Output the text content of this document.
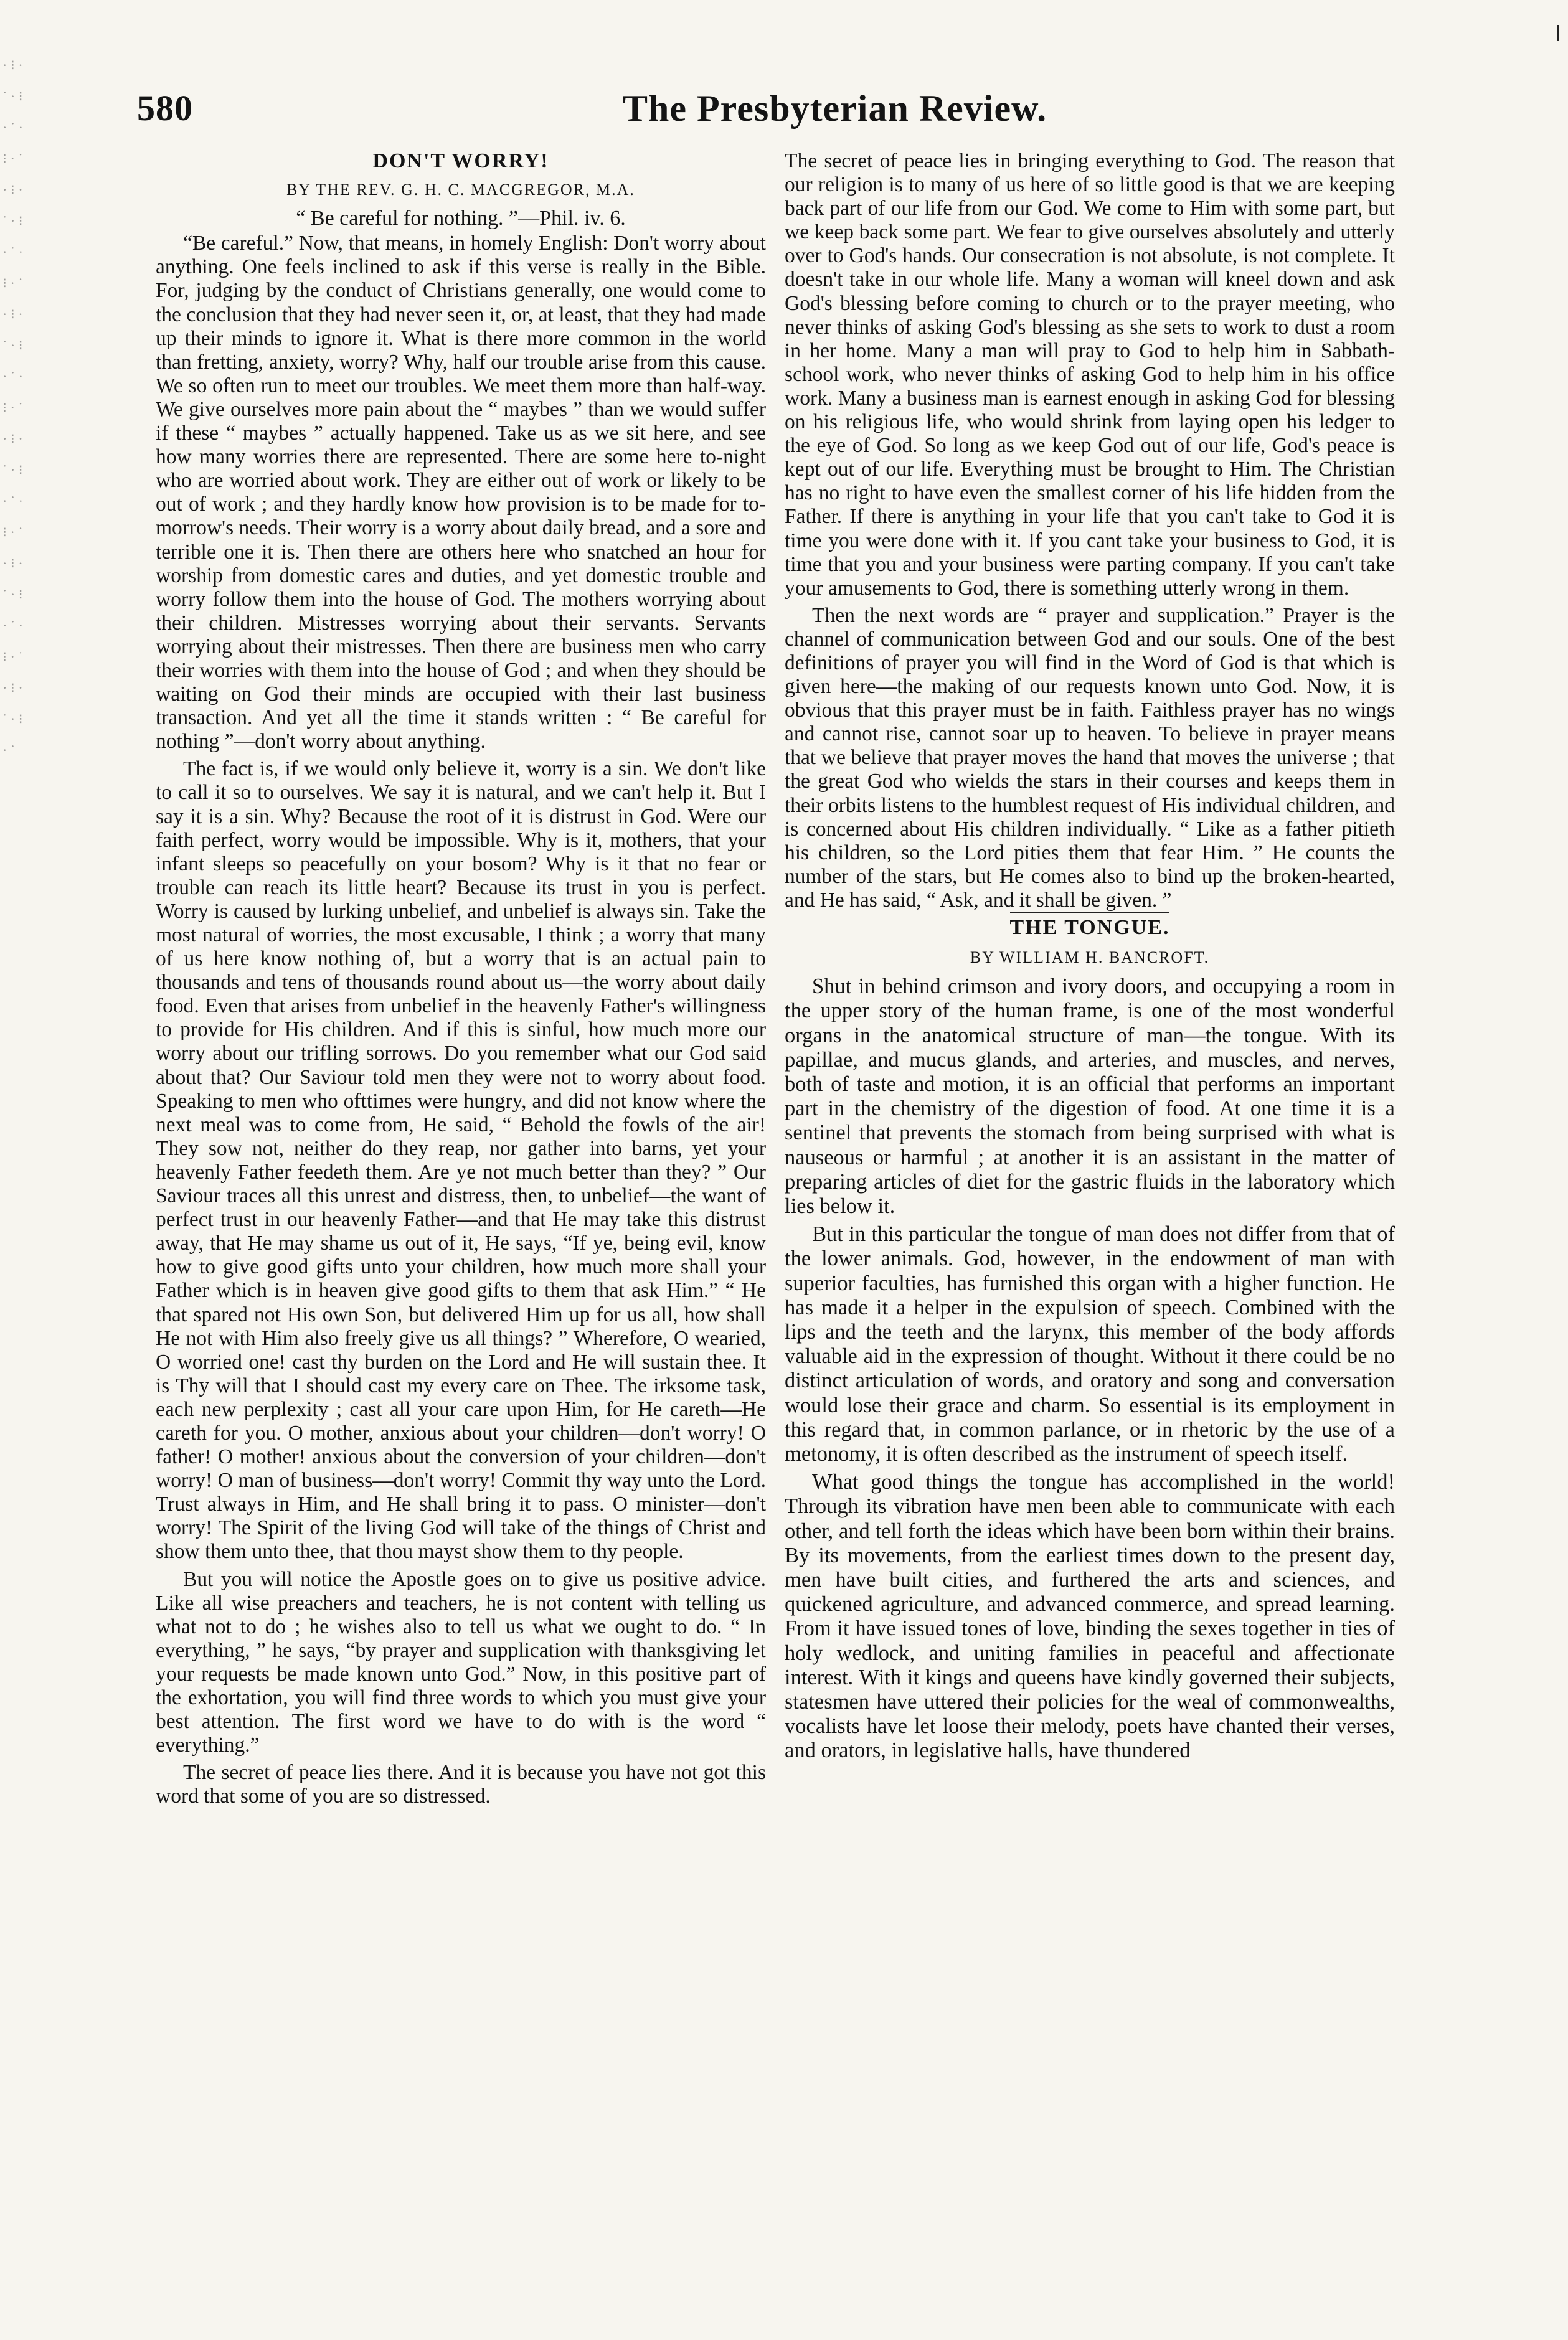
· ⁝ · ˙ · ⁝ · ˙ · ⁝ · ˙ · ⁝ · ˙ · ⁝ · ˙ · ⁝ · ˙ · ⁝ · ˙ · ⁝ · ˙ · ⁝ · ˙ · ⁝ · ˙ · ⁝ · ˙ · ⁝ · ˙ · ⁝ · ˙ · ⁝ · ˙ · ⁝ · ˙ · ⁝ · ˙ · ⁝ · ˙
580	The Presbyterian Review.
DON'T WORRY!
BY THE REV. G. H. C. MACGREGOR, M.A.
“ Be careful for nothing. ”—Phil. iv. 6.

“Be careful.” Now, that means, in homely English: Don't worry about anything. One feels inclined to ask if this verse is really in the Bible. For, judging by the conduct of Christians generally, one would come to the conclusion that they had never seen it, or, at least, that they had made up their minds to ignore it. What is there more common in the world than fretting, anxiety, worry? Why, half our trouble arise from this cause. We so often run to meet our troubles. We meet them more than half-way. We give ourselves more pain about the “ maybes ” than we would suffer if these “ maybes ” actually happened. Take us as we sit here, and see how many worries there are represented. There are some here to-night who are worried about work. They are either out of work or likely to be out of work ; and they hardly know how provision is to be made for to-morrow's needs. Their worry is a worry about daily bread, and a sore and terrible one it is. Then there are others here who snatched an hour for worship from domestic cares and duties, and yet domestic trouble and worry follow them into the house of God. The mothers worrying about their children. Mistresses worrying about their servants. Servants worrying about their mistresses. Then there are business men who carry their worries with them into the house of God ; and when they should be waiting on God their minds are occupied with their last business transaction. And yet all the time it stands written : “ Be careful for nothing ”—don't worry about anything.

The fact is, if we would only believe it, worry is a sin. We don't like to call it so to ourselves. We say it is natural, and we can't help it. But I say it is a sin. Why? Because the root of it is distrust in God. Were our faith perfect, worry would be impossible. Why is it, mothers, that your infant sleeps so peacefully on your bosom? Why is it that no fear or trouble can reach its little heart? Because its trust in you is perfect. Worry is caused by lurking unbelief, and unbelief is always sin. Take the most natural of worries, the most excusable, I think ; a worry that many of us here know nothing of, but a worry that is an actual pain to thousands and tens of thousands round about us—the worry about daily food. Even that arises from unbelief in the heavenly Father's willingness to provide for His children. And if this is sinful, how much more our worry about our trifling sorrows. Do you remember what our God said about that? Our Saviour told men they were not to worry about food. Speaking to men who ofttimes were hungry, and did not know where the next meal was to come from, He said, “ Behold the fowls of the air! They sow not, neither do they reap, nor gather into barns, yet your heavenly Father feedeth them. Are ye not much better than they? ” Our Saviour traces all this unrest and distress, then, to unbelief—the want of perfect trust in our heavenly Father—and that He may take this distrust away, that He may shame us out of it, He says, “If ye, being evil, know how to give good gifts unto your children, how much more shall your Father which is in heaven give good gifts to them that ask Him.” “ He that spared not His own Son, but delivered Him up for us all, how shall He not with Him also freely give us all things? ” Wherefore, O wearied, O worried one! cast thy burden on the Lord and He will sustain thee. It is Thy will that I should cast my every care on Thee. The irksome task, each new perplexity ; cast all your care upon Him, for He careth—He careth for you. O mother, anxious about your children—don't worry! O father! O mother! anxious about the conversion of your children—don't worry! O man of business—don't worry! Commit thy way unto the Lord. Trust always in Him, and He shall bring it to pass. O minister—don't worry! The Spirit of the living God will take of the things of Christ and show them unto thee, that thou mayst show them to thy people.

But you will notice the Apostle goes on to give us positive advice. Like all wise preachers and teachers, he is not content with telling us what not to do ; he wishes also to tell us what we ought to do. “ In everything, ” he says, “by prayer and supplication with thanksgiving let your requests be made known unto God.” Now, in this positive part of the exhortation, you will find three words to which you must give your best attention. The first word we have to do with is the word “ everything.”

The secret of peace lies there. And it is because you have not got this word that some of you are so distressed.

The secret of peace lies in bringing everything to God. The reason that our religion is to many of us here of so little good is that we are keeping back part of our life from our God. We come to Him with some part, but we keep back some part. We fear to give ourselves absolutely and utterly over to God's hands. Our consecration is not absolute, is not complete. It doesn't take in our whole life. Many a woman will kneel down and ask God's blessing before coming to church or to the prayer meeting, who never thinks of asking God's blessing as she sets to work to dust a room in her home. Many a man will pray to God to help him in Sabbath-school work, who never thinks of asking God to help him in his office work. Many a business man is earnest enough in asking God for blessing on his religious life, who would shrink from laying open his ledger to the eye of God. So long as we keep God out of our life, God's peace is kept out of our life. Everything must be brought to Him. The Christian has no right to have even the smallest corner of his life hidden from the Father. If there is anything in your life that you can't take to God it is time you were done with it. If you cant take your business to God, it is time that you and your business were parting company. If you can't take your amusements to God, there is something utterly wrong in them.

Then the next words are “ prayer and supplication.” Prayer is the channel of communication between God and our souls. One of the best definitions of prayer you will find in the Word of God is that which is given here—the making of our requests known unto God. Now, it is obvious that this prayer must be in faith. Faithless prayer has no wings and cannot rise, cannot soar up to heaven. To believe in prayer means that we believe that prayer moves the hand that moves the universe ; that the great God who wields the stars in their courses and keeps them in their orbits listens to the humblest request of His individual children, and is concerned about His children individually. “ Like as a father pitieth his children, so the Lord pities them that fear Him. ” He counts the number of the stars, but He comes also to bind up the broken-hearted, and He has said, “ Ask, and it shall be given. ”

THE TONGUE.
BY WILLIAM H. BANCROFT.

Shut in behind crimson and ivory doors, and occupying a room in the upper story of the human frame, is one of the most wonderful organs in the anatomical structure of man—the tongue. With its papillae, and mucus glands, and arteries, and muscles, and nerves, both of taste and motion, it is an official that performs an important part in the chemistry of the digestion of food. At one time it is a sentinel that prevents the stomach from being surprised with what is nauseous or harmful ; at another it is an assistant in the matter of preparing articles of diet for the gastric fluids in the laboratory which lies below it.

But in this particular the tongue of man does not differ from that of the lower animals. God, however, in the endowment of man with superior faculties, has furnished this organ with a higher function. He has made it a helper in the expulsion of speech. Combined with the lips and the teeth and the larynx, this member of the body affords valuable aid in the expression of thought. Without it there could be no distinct articulation of words, and oratory and song and conversation would lose their grace and charm. So essential is its employment in this regard that, in common parlance, or in rhetoric by the use of a metonomy, it is often described as the instrument of speech itself.

What good things the tongue has accomplished in the world! Through its vibration have men been able to communicate with each other, and tell forth the ideas which have been born within their brains. By its movements, from the earliest times down to the present day, men have built cities, and furthered the arts and sciences, and quickened agriculture, and advanced commerce, and spread learning. From it have issued tones of love, binding the sexes together in ties of holy wedlock, and uniting families in peaceful and affectionate interest. With it kings and queens have kindly governed their subjects, statesmen have uttered their policies for the weal of commonwealths, vocalists have let loose their melody, poets have chanted their verses, and orators, in legislative halls, have thundered
